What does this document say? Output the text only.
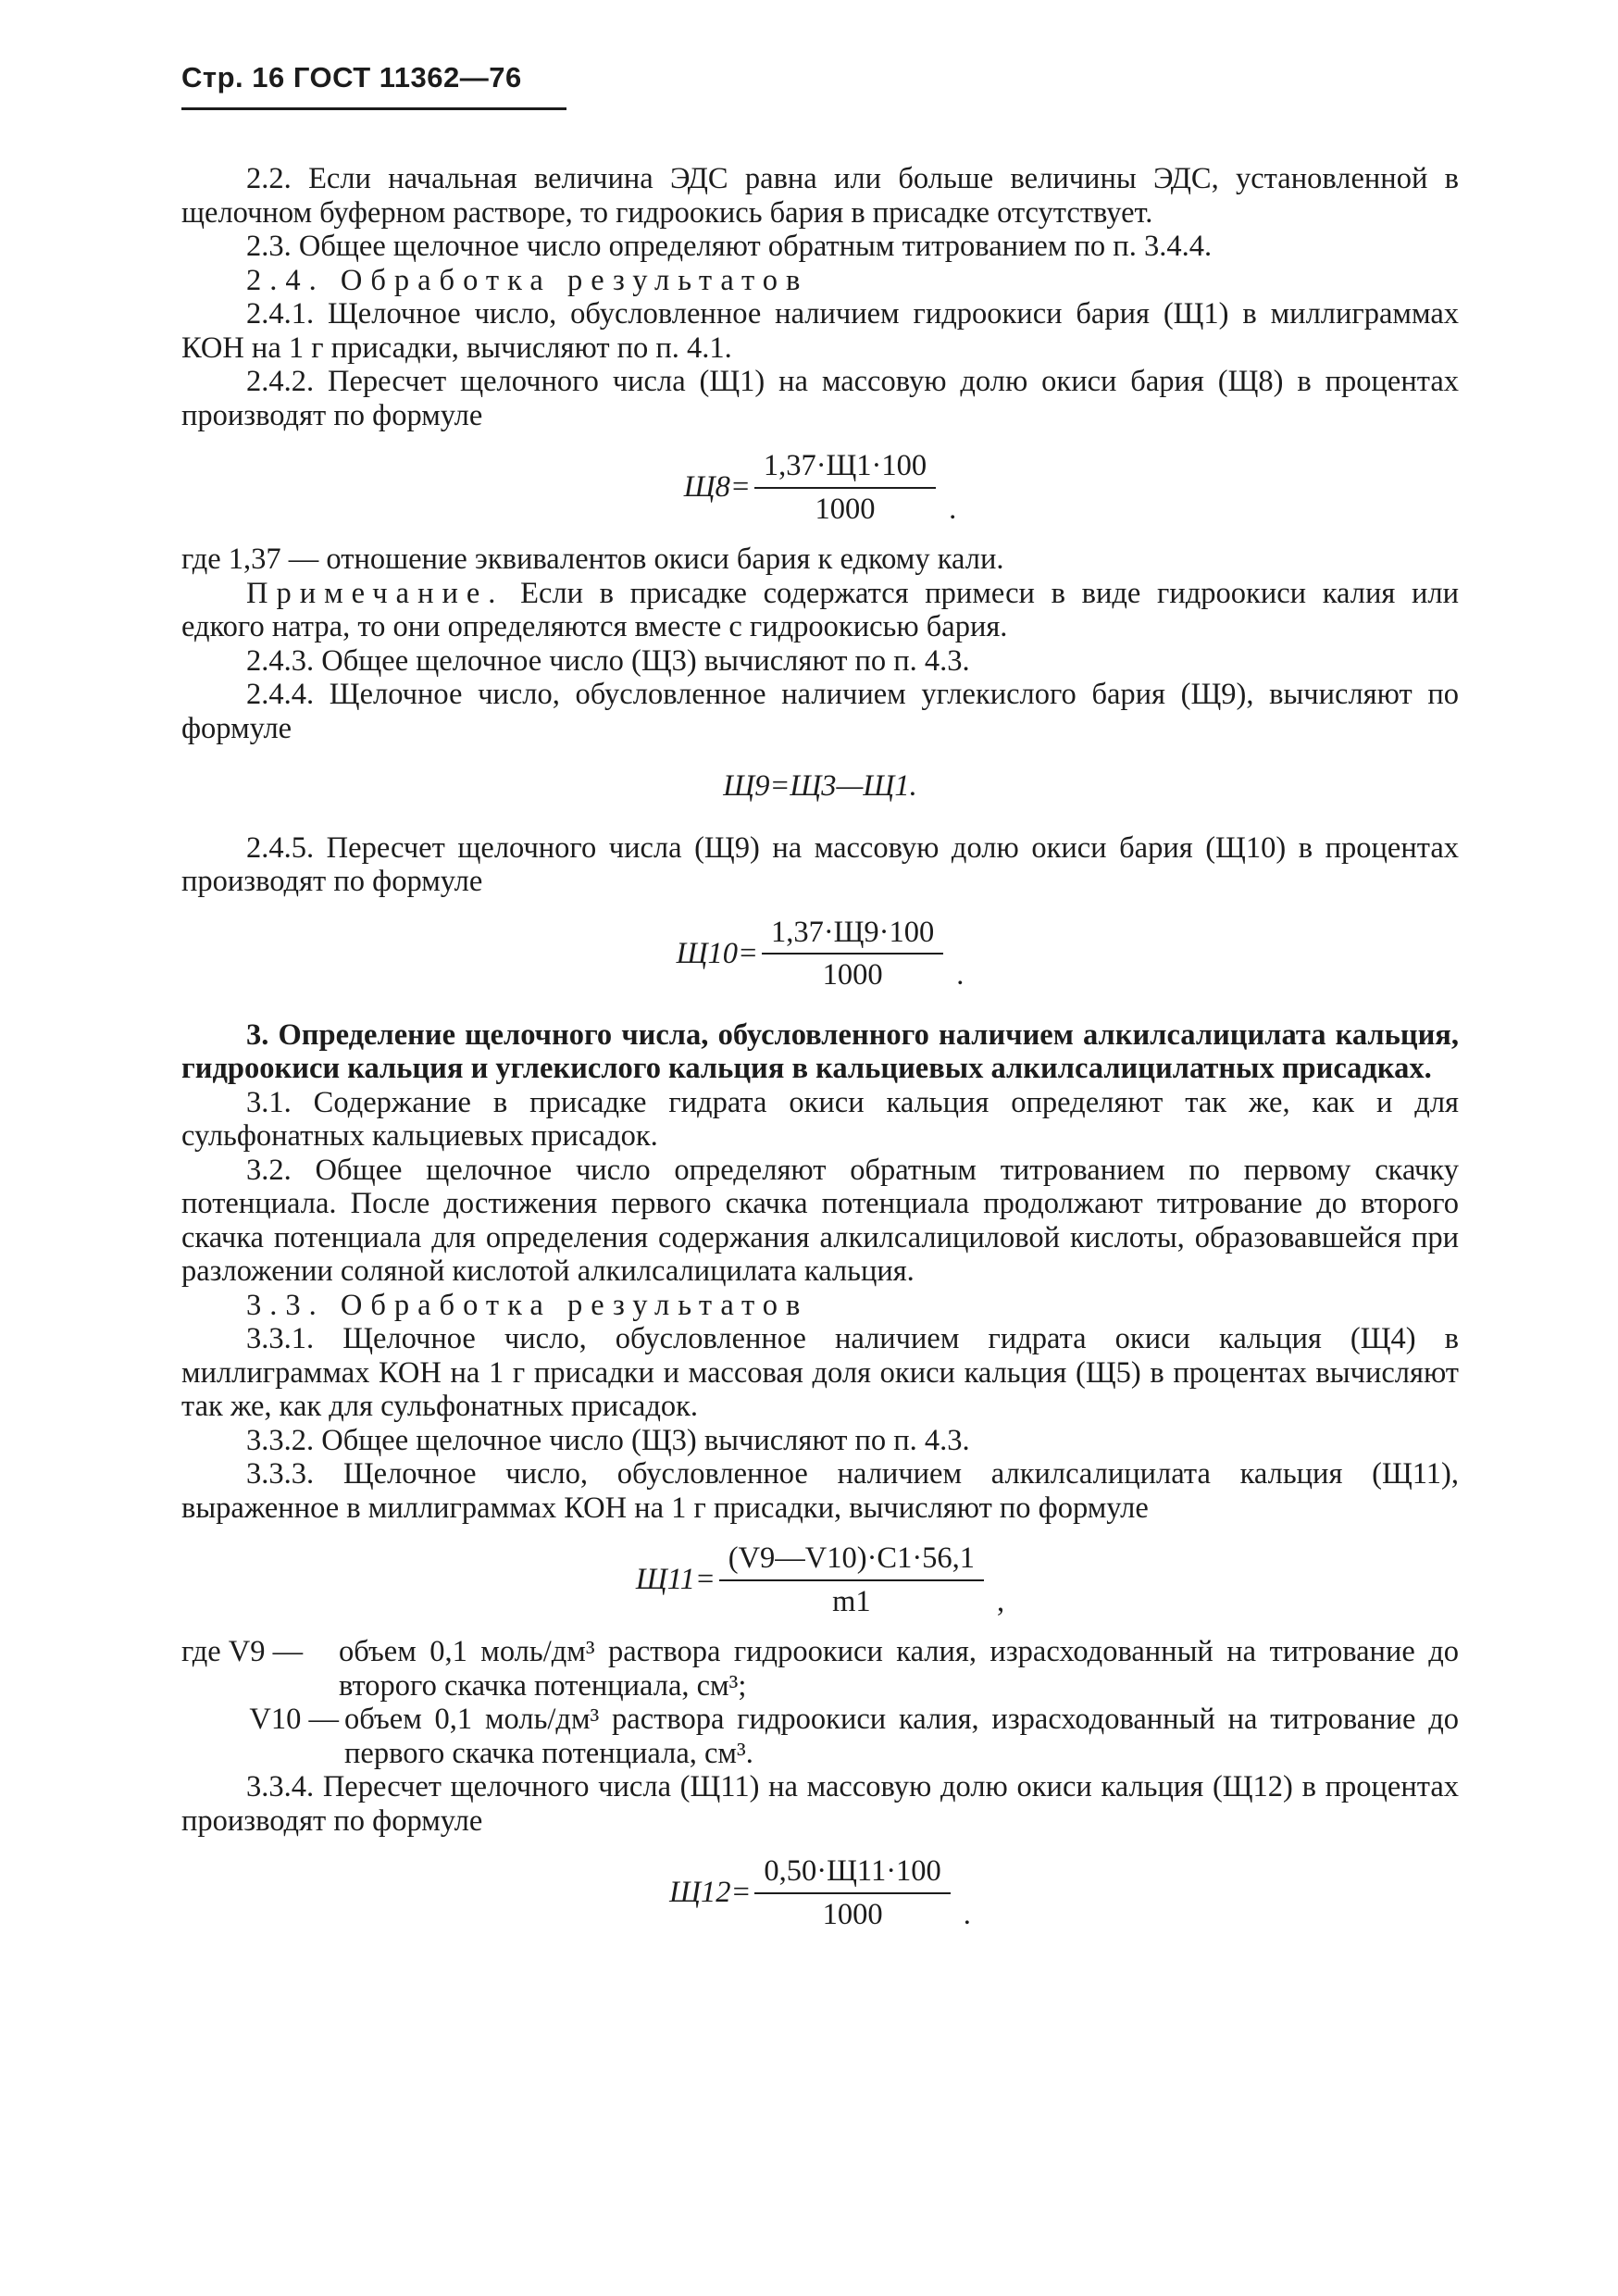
Стр. 16 ГОСТ 11362—76

2.2. Если начальная величина ЭДС равна или больше величины ЭДС, установленной в щелочном буферном растворе, то гидроокись бария в присадке отсутствует.

2.3. Общее щелочное число определяют обратным титрованием по п. 3.4.4.

2.4. Обработка результатов

2.4.1. Щелочное число, обусловленное наличием гидроокиси бария (Щ1) в миллиграммах КОН на 1 г присадки, вычисляют по п. 4.1.

2.4.2. Пересчет щелочного числа (Щ1) на массовую долю окиси бария (Щ8) в процентах производят по формуле

$Щ8= \frac{1,37\cdot Щ1\cdot 100}{1000}$ .

где 1,37 — отношение эквивалентов окиси бария к едкому кали.

Примечание. Если в присадке содержатся примеси в виде гидроокиси калия или едкого натра, то они определяются вместе с гидроокисью бария.

2.4.3. Общее щелочное число (Щ3) вычисляют по п. 4.3.

2.4.4. Щелочное число, обусловленное наличием углекислого бария (Щ9), вычисляют по формуле

Щ9=Щ3—Щ1.

2.4.5. Пересчет щелочного числа (Щ9) на массовую долю окиси бария (Щ10) в процентах производят по формуле

$Щ10= \frac{1,37\cdot Щ9\cdot 100}{1000}$ .

3. Определение щелочного числа, обусловленного наличием алкилсалицилата кальция, гидроокиси кальция и углекислого кальция в кальциевых алкилсалицилатных присадках.

3.1. Содержание в присадке гидрата окиси кальция определяют так же, как и для сульфонатных кальциевых присадок.

3.2. Общее щелочное число определяют обратным титрованием по первому скачку потенциала. После достижения первого скачка потенциала продолжают титрование до второго скачка потенциала для определения содержания алкилсалициловой кислоты, образовавшейся при разложении соляной кислотой алкилсалицилата кальция.

3.3. Обработка результатов

3.3.1. Щелочное число, обусловленное наличием гидрата окиси кальция (Щ4) в миллиграммах КОН на 1 г присадки и массовая доля окиси кальция (Щ5) в процентах вычисляют так же, как для сульфонатных присадок.

3.3.2. Общее щелочное число (Щ3) вычисляют по п. 4.3.

3.3.3. Щелочное число, обусловленное наличием алкилсалицилата кальция (Щ11), выраженное в миллиграммах КОН на 1 г присадки, вычисляют по формуле

$Щ11= \frac{(V9—V10)\cdot C1\cdot 56,1}{m1}$ ,
где V9 —	объем 0,1 моль/дм³ раствора гидроокиси калия, израсходованный на титрование до второго скачка потенциала, см³;
V10 — объем 0,1 моль/дм³ раствора гидроокиси калия, израсходованный на титрование до первого скачка потенциала, см³.

3.3.4. Пересчет щелочного числа (Щ11) на массовую долю окиси кальция (Щ12) в процентах производят по формуле

$Щ12= \frac{0,50\cdot Щ11\cdot 100}{1000}$ .
